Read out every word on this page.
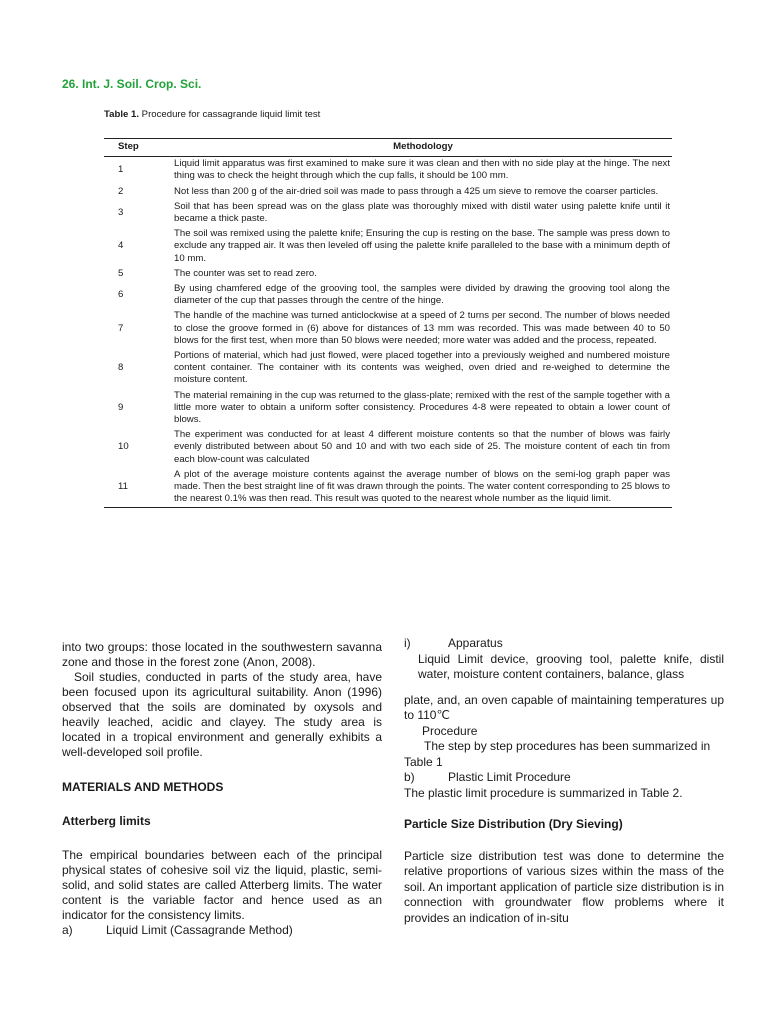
26. Int. J. Soil. Crop. Sci.
Table 1. Procedure for cassagrande liquid limit test
Step	Methodology
1	Liquid limit apparatus was first examined to make sure it was clean and then with no side play at the hinge. The next thing was to check the height through which the cup falls, it should be 100 mm.
2	Not less than 200 g of the air-dried soil was made to pass through a 425 um sieve to remove the coarser particles.
3	Soil that has been spread was on the glass plate was thoroughly mixed with distil water using palette knife until it became a thick paste.
4	The soil was remixed using the palette knife; Ensuring the cup is resting on the base. The sample was press down to exclude any trapped air. It was then leveled off using the palette knife paralleled to the base with a minimum depth of 10 mm.
5	The counter was set to read zero.
6	By using chamfered edge of the grooving tool, the samples were divided by drawing the grooving tool along the diameter of the cup that passes through the centre of the hinge.
7	The handle of the machine was turned anticlockwise at a speed of 2 turns per second. The number of blows needed to close the groove formed in (6) above for distances of 13 mm was recorded. This was made between 40 to 50 blows for the first test, when more than 50 blows were needed; more water was added and the process, repeated.
8	Portions of material, which had just flowed, were placed together into a previously weighed and numbered moisture content container. The container with its contents was weighed, oven dried and re-weighed to determine the moisture content.
9	The material remaining in the cup was returned to the glass-plate; remixed with the rest of the sample together with a little more water to obtain a uniform softer consistency. Procedures 4-8 were repeated to obtain a lower count of blows.
10	The experiment was conducted for at least 4 different moisture contents so that the number of blows was fairly evenly distributed between about 50 and 10 and with two each side of 25. The moisture content of each tin from each blow-count was calculated
11	A plot of the average moisture contents against the average number of blows on the semi-log graph paper was made. Then the best straight line of fit was drawn through the points. The water content corresponding to 25 blows to the nearest 0.1% was then read. This result was quoted to the nearest whole number as the liquid limit.

into two groups: those located in the southwestern savanna zone and those in the forest zone (Anon, 2008).

Soil studies, conducted in parts of the study area, have been focused upon its agricultural suitability. Anon (1996) observed that the soils are dominated by oxysols and heavily leached, acidic and clayey. The study area is located in a tropical environment and generally exhibits a well-developed soil profile.

MATERIALS AND METHODS

Atterberg limits

The empirical boundaries between each of the principal physical states of cohesive soil viz the liquid, plastic, semi-solid, and solid states are called Atterberg limits. The water content is the variable factor and hence used as an indicator for the consistency limits.

a)	Liquid Limit (Cassagrande Method)
i)	Apparatus

Liquid Limit device, grooving tool, palette knife, distil water, moisture content containers, balance, glass

plate, and, an oven capable of maintaining temperatures up to 110℃

Procedure

The step by step procedures has been summarized in

Table 1

b)	Plastic Limit Procedure

The plastic limit procedure is summarized in Table 2.

Particle Size Distribution (Dry Sieving)

Particle size distribution test was done to determine the relative proportions of various sizes within the mass of the soil. An important application of particle size distribution is in connection with groundwater flow problems where it provides an indication of in-situ
